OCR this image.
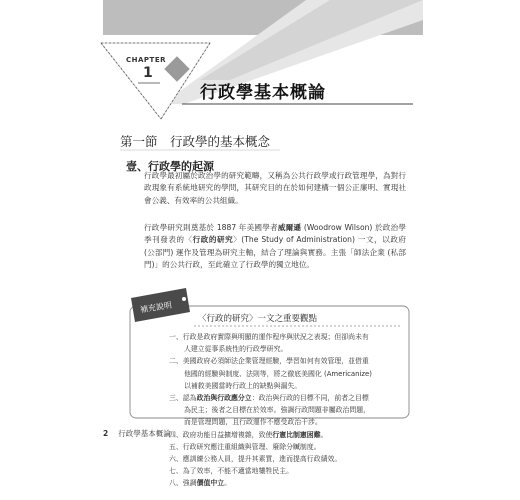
CHAPTER
1
行政學基本概論
第一節　行政學的基本概念
壹、行政學的起源
行政學最初屬於政治學的研究範疇，又稱為公共行政學或行政管理學，為對行政現象有系統地研究的學問，其研究目的在於如何建構一個公正廉明、實現社會公義、有效率的公共組織。
行政學研究則奠基於 1887 年美國學者威爾遜 (Woodrow Wilson) 於政治學季刊發表的〈行政的研究〉(The Study of Administration) 一文，以政府 (公部門) 運作及管理為研究主軸，結合了理論與實務。主張「師法企業 (私部門)」的公共行政，至此確立了行政學的獨立地位。
補充說明
〈行政的研究〉一文之重要觀點
一、行政是政府實際與明顯的運作程序與狀況之表現；但卻尚未有
人建立從事系統性的行政學研究。
二、美國政府必須師法企業管理經驗，學習如何有效管理，並借重
他國的經驗與制度、法則等，將之徹底美國化 (Americanize)
以補救美國當時行政上的缺點與漏失。
三、認為政治與行政應分立：政治與行政的目標不同，前者之目標
為民主；後者之目標在於效率。強調行政問題非屬政治問題，
而是管理問題，且行政運作不應受政治干涉。
四、政府功能日益擴增複雜，致使行憲比制憲困難。
五、行政研究應注重組織與管理、廢除分贓制度。
六、應訓練公務人員，提升其素質，進而提高行政績效。
七、為了效率，不能不適當地犧牲民主。
八、強調價值中立。
2 行政學基本概論
